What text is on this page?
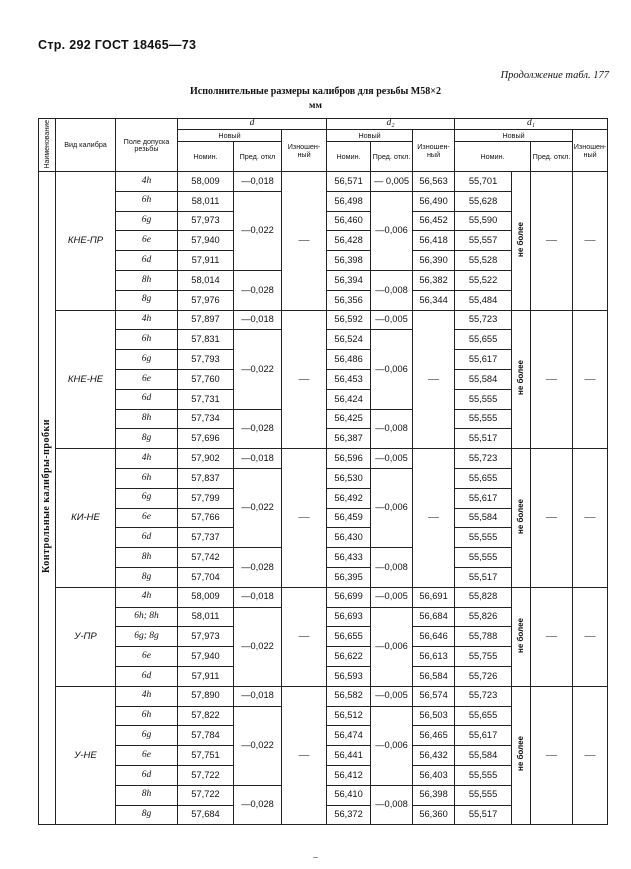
Стр. 292 ГОСТ 18465—73
Продолжение табл. 177
Исполнительные размеры калибров для резьбы М58×2
мм
Наименование	Вид калибра	Поле допуска резьбы	d			d₂			d₁			
			Новый		Изношен-ный	Новый		Изношен-ный	Новый			Изношен-ный
			Номин.	Пред. откл		Номин.	Пред. откл.		Номин.		Пред. откл.	
Контрольные калибры-пробки	КНЕ-ПР	4h	58,009	—0,018	—	56,571	— 0,005	56,563	55,701	не более	—	—
		6h	58,011	—0,022		56,498	—0,006	56,490	55,628			
		6g	57,973			56,460		56,452	55,590			
		6e	57,940			56,428		56,418	55,557			
		6d	57,911			56,398		56,390	55,528			
		8h	58,014	—0,028		56,394	—0,008	56,382	55,522			
		8g	57,976			56,356		56,344	55,484			
	КНЕ-НЕ	4h	57,897	—0,018	—	56,592	—0,005	—	55,723	не более	—	—
		6h	57,831	—0,022		56,524	—0,006		55,655			
		6g	57,793			56,486			55,617			
		6e	57,760			56,453			55,584			
		6d	57,731			56,424			55,555			
		8h	57,734	—0,028		56,425	—0,008		55,555			
		8g	57,696			56,387			55,517			
	КИ-НЕ	4h	57,902	—0,018	—	56,596	—0,005	—	55,723	не более	—	—
		6h	57,837	—0,022		56,530	—0,006		55,655			
		6g	57,799			56,492			55,617			
		6e	57,766			56,459			55,584			
		6d	57,737			56,430			55,555			
		8h	57,742	—0,028		56,433	—0,008		55,555			
		8g	57,704			56,395			55,517			
	У-ПР	4h	58,009	—0,018	—	56,699	—0,005	56,691	55,828	не более	—	—
		6h; 8h	58,011	—0,022		56,693	—0,006	56,684	55,826			
		6g; 8g	57,973			56,655		56,646	55,788			
		6e	57,940			56,622		56,613	55,755			
		6d	57,911			56,593		56,584	55,726			
	У-НЕ	4h	57,890	—0,018	—	56,582	—0,005	56,574	55,723	не более	—	—
		6h	57,822	—0,022		56,512	—0,006	56,503	55,655			
		6g	57,784			56,474		56,465	55,617			
		6e	57,751			56,441		56,432	55,584			
		6d	57,722			56,412		56,403	55,555			
		8h	57,722	—0,028		56,410	—0,008	56,398	55,555			
		8g	57,684			56,372		56,360	55,517			
–
